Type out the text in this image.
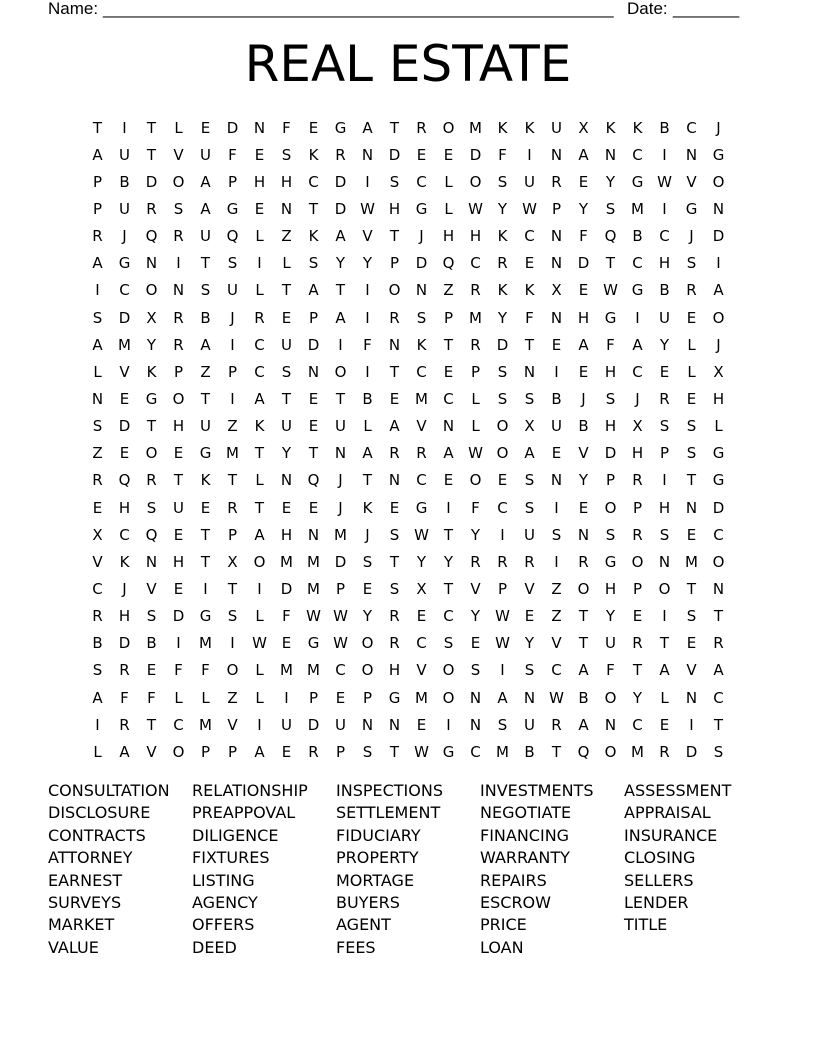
Name: ______________________________________________________ Date: _______
REAL ESTATE
T	I	T	L	E	D	N	F	E	G	A	T	R	O M	K	K	U	X	K	K	B	C	J
A	U	T	V	U	F	E	S	K	R	N	D	E	E	D	F	I	N	A	N	C	I	N	G
P	B	D	O	A	P	H	H	C	D	I	S	C	L	O	S	U	R	E	Y	G W V	O
P	U	R	S	A	G	E	N	T	D W H	G	L	W Y	W	P	Y	S	M	I	G	N
R	J	Q	R	U	Q	L	Z	K	A	V	T	J	H	H	K	C	N	F	Q	B	C	J	D
A	G	N	I	T	S	I	L	S	Y	Y	P	D	Q	C	R	E	N	D	T	C	H	S	I
I	C	O	N	S	U	L	T	A	T	I	O	N	Z	R	K	K	X	E W G	B	R	A
S	D	X	R	B	J	R	E	P	A	I	R	S	P	M	Y	F	N	H	G	I	U	E	O
A	M	Y	R	A	I	C	U	D	I	F	N	K	T	R	D	T	E	A	F	A	Y	L	J
L	V	K	P	Z	P	C	S	N	O	I	T	C	E	P	S	N	I	E	H	C	E	L	X
N	E	G	O	T	I	A	T	E	T	B	E	M	C	L	S	S	B	J	S	J	R	E	H
S	D	T	H	U	Z	K	U	E	U	L	A	V	N	L	O	X	U	B	H	X	S	S	L
Z	E	O	E	G M	T	Y	T	N	A	R	R	A W O	A	E	V	D	H	P	S	G
R	Q	R	T	K	T	L	N	Q	J	T	N	C	E	O	E	S	N	Y	P	R	I	T	G
E	H	S	U	E	R	T	E	E	J	K	E	G	I	F	C	S	I	E	O	P	H	N	D
X	C	Q	E	T	P	A	H	N M	J	S W T	Y	I	U	S	N	S	R	S	E	C
V	K	N	H	T	X	O M M D	S	T	Y	Y	R	R	R	I	R	G	O	N M O
C	J	V	E	I	T	I	D M	P	E	S	X	T	V	P	V	Z	O	H	P	O	T	N
R	H	S	D	G	S	L	F	W W Y	R	E	C	Y	W E	Z	T	Y	E	I	S	T
B	D	B	I	M	I	W E	G W O	R	C	S	E W Y	V	T	U	R	T	E	R
S	R	E	F	F	O	L	M M	C	O	H	V	O	S	I	S	C	A	F	T	A	V	A
A	F	F	L	L	Z	L	I	P	E	P	G M O	N	A	N W B	O	Y	L	N	C
I	R	T	C	M	V	I	U	D	U	N	N	E	I	N	S	U	R	A	N	C	E	I	T
L	A	V	O	P	P	A	E	R	P	S	T	W G	C	M	B	T	Q	O M	R	D	S
CONSULTATION
DISCLOSURE
CONTRACTS
ATTORNEY
EARNEST
SURVEYS
MARKET
VALUE
RELATIONSHIP
PREAPPOVAL
DILIGENCE
FIXTURES
LISTING
AGENCY
OFFERS
DEED
INSPECTIONS
SETTLEMENT
FIDUCIARY
PROPERTY
MORTAGE
BUYERS
AGENT
FEES
INVESTMENTS
NEGOTIATE
FINANCING
WARRANTY
REPAIRS
ESCROW
PRICE
LOAN
ASSESSMENT
APPRAISAL
INSURANCE
CLOSING
SELLERS
LENDER
TITLE
